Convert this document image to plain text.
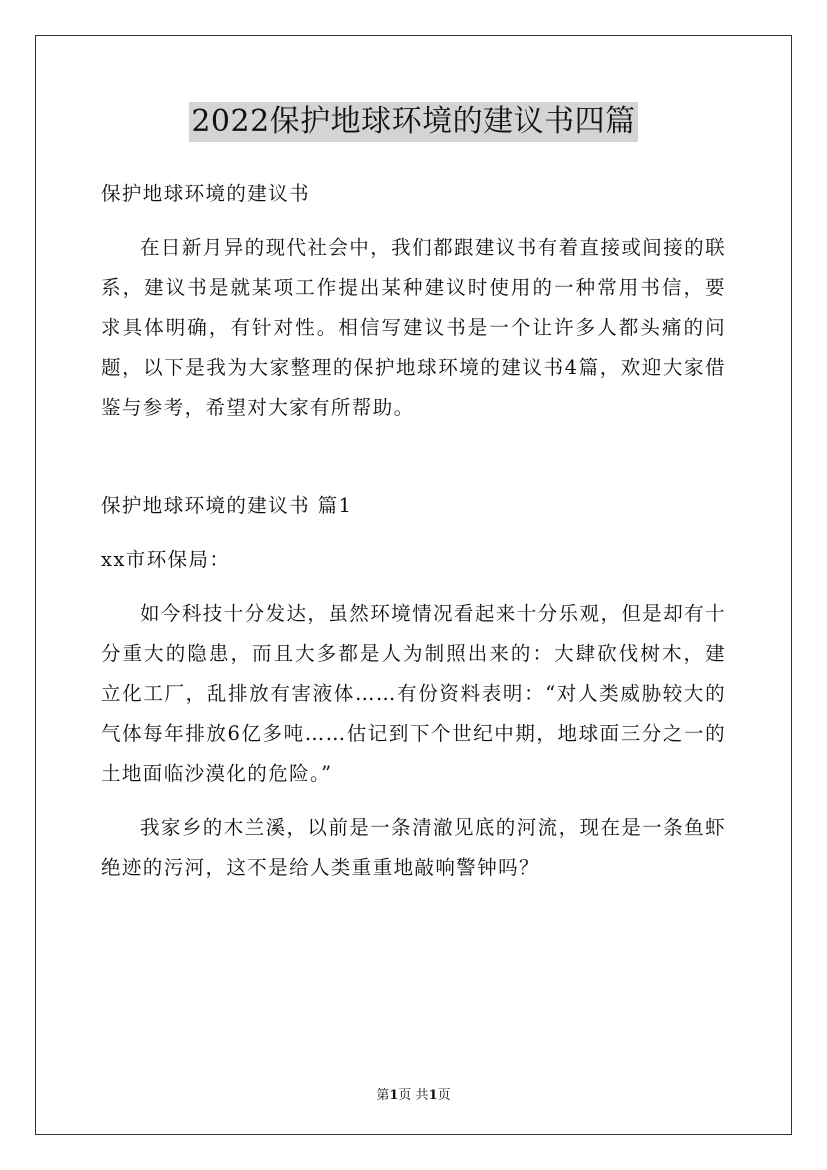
2022保护地球环境的建议书四篇

保护地球环境的建议书

在日新月异的现代社会中，我们都跟建议书有着直接或间接的联系，建议书是就某项工作提出某种建议时使用的一种常用书信，要求具体明确，有针对性。相信写建议书是一个让许多人都头痛的问题，以下是我为大家整理的保护地球环境的建议书4篇，欢迎大家借鉴与参考，希望对大家有所帮助。

保护地球环境的建议书 篇1

xx市环保局：

如今科技十分发达，虽然环境情况看起来十分乐观，但是却有十分重大的隐患，而且大多都是人为制照出来的：大肆砍伐树木，建立化工厂，乱排放有害液体……有份资料表明：“对人类威胁较大的气体每年排放6亿多吨……估记到下个世纪中期，地球面三分之一的土地面临沙漠化的危险。”

我家乡的木兰溪，以前是一条清澈见底的河流，现在是一条鱼虾绝迹的污河，这不是给人类重重地敲响警钟吗？

第1页 共1页
